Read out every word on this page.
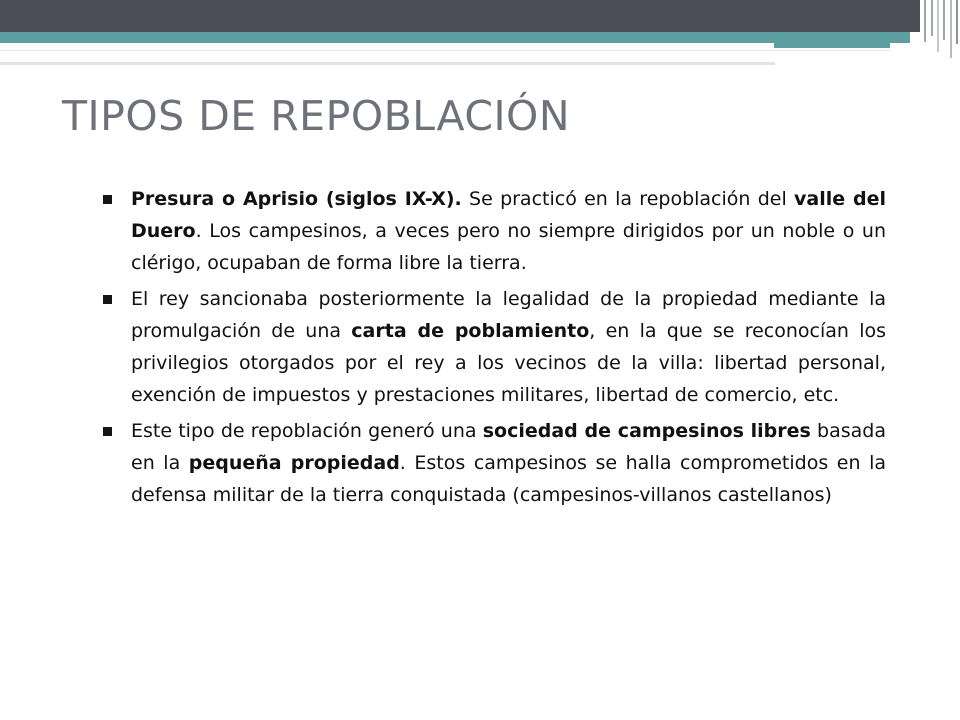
TIPOS DE REPOBLACIÓN
Presura o Aprisio (siglos IX-X). Se practicó en la repoblación del valle del Duero. Los campesinos, a veces pero no siempre dirigidos por un noble o un clérigo, ocupaban de forma libre la tierra.
El rey sancionaba posteriormente la legalidad de la propiedad mediante la promulgación de una carta de poblamiento, en la que se reconocían los privilegios otorgados por el rey a los vecinos de la villa: libertad personal, exención de impuestos y prestaciones militares, libertad de comercio, etc.
Este tipo de repoblación generó una sociedad de campesinos libres basada en la pequeña propiedad. Estos campesinos se halla comprometidos en la defensa militar de la tierra conquistada (campesinos-villanos castellanos)
